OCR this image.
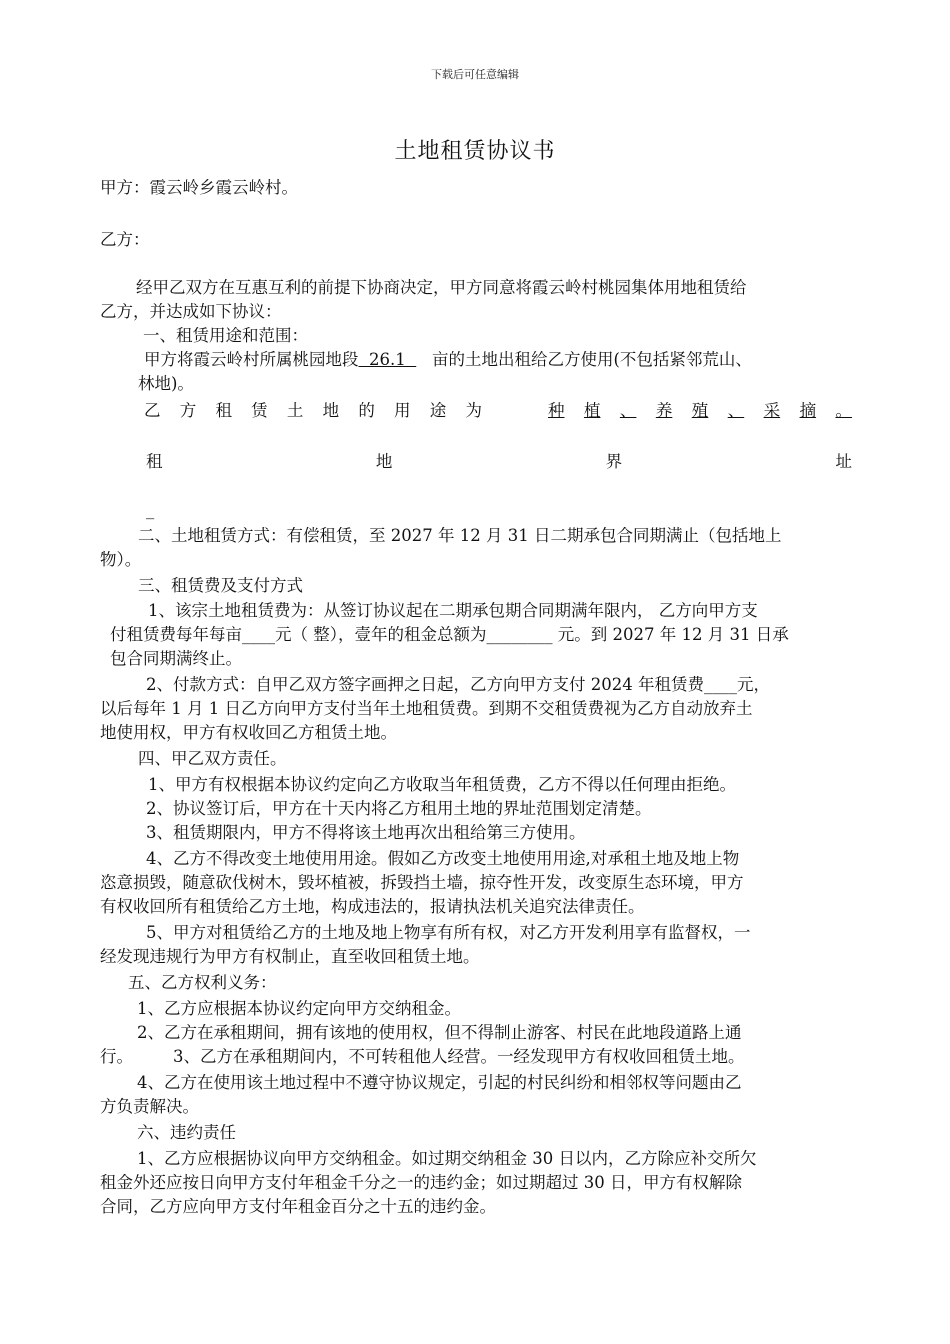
下载后可任意编辑
土地租赁协议书
甲方：霞云岭乡霞云岭村。
乙方：
经甲乙双方在互惠互利的前提下协商决定，甲方同意将霞云岭村桃园集体用地租赁给
乙方，并达成如下协议：
一、租赁用途和范围：
甲方将霞云岭村所属桃园地段  26.1     亩的土地出租给乙方使用(不包括紧邻荒山、
林地)。
乙 方 租 赁 土 地 的 用 途 为	种 植 、 养 殖 、 采 摘 。
租	地	界	址
_
二、土地租赁方式：有偿租赁，至 2027 年 12 月 31 日二期承包合同期满止（包括地上
物）。
三、租赁费及支付方式
1、该宗土地租赁费为：从签订协议起在二期承包期合同期满年限内， 乙方向甲方支
付租赁费每年每亩____元（ 整），壹年的租金总额为________ 元。到 2027 年 12 月 31 日承
包合同期满终止。
2、付款方式：自甲乙双方签字画押之日起，乙方向甲方支付 2024 年租赁费____元，
以后每年 1 月 1 日乙方向甲方支付当年土地租赁费。到期不交租赁费视为乙方自动放弃土
地使用权，甲方有权收回乙方租赁土地。
四、甲乙双方责任。
1、甲方有权根据本协议约定向乙方收取当年租赁费，乙方不得以任何理由拒绝。
2、协议签订后，甲方在十天内将乙方租用土地的界址范围划定清楚。
3、租赁期限内，甲方不得将该土地再次出租给第三方使用。
4、乙方不得改变土地使用用途。假如乙方改变土地使用用途,对承租土地及地上物
恣意损毁，随意砍伐树木，毁坏植被，拆毁挡土墙，掠夺性开发，改变原生态环境，甲方
有权收回所有租赁给乙方土地，构成违法的，报请执法机关追究法律责任。
5、甲方对租赁给乙方的土地及地上物享有所有权，对乙方开发利用享有监督权，一
经发现违规行为甲方有权制止，直至收回租赁土地。
五、乙方权利义务：
1、乙方应根据本协议约定向甲方交纳租金。
2、乙方在承租期间，拥有该地的使用权，但不得制止游客、村民在此地段道路上通
行。 3、乙方在承租期间内，不可转租他人经营。一经发现甲方有权收回租赁土地。
4、乙方在使用该土地过程中不遵守协议规定，引起的村民纠纷和相邻权等问题由乙
方负责解决。
六、违约责任
1、乙方应根据协议向甲方交纳租金。如过期交纳租金 30 日以内，乙方除应补交所欠
租金外还应按日向甲方支付年租金千分之一的违约金；如过期超过 30 日，甲方有权解除
合同，乙方应向甲方支付年租金百分之十五的违约金。
